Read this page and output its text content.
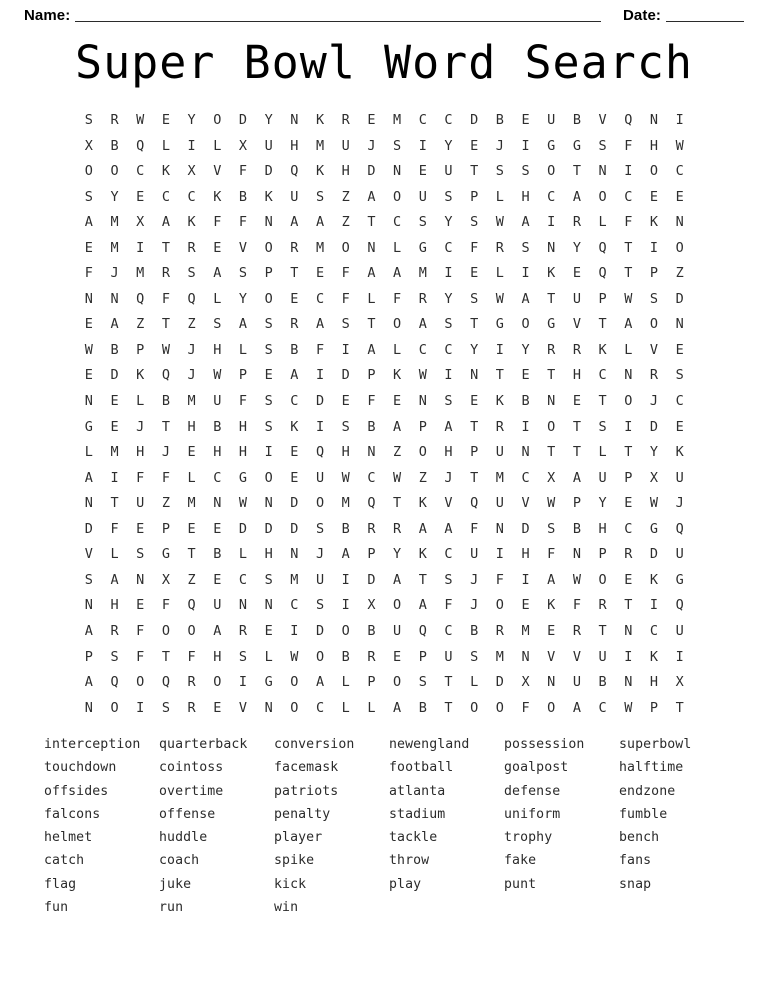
Name:	Date:
Super Bowl Word Search
S	R	W	E	Y	O	D	Y	N	K	R	E	M	C	C	D	B	E	U	B	V	Q	N	I
X	B	Q	L	I	L	X	U	H	M	U	J	S	I	Y	E	J	I	G	G	S	F	H	W
O	O	C	K	X	V	F	D	Q	K	H	D	N	E	U	T	S	S	O	T	N	I	O	C
S	Y	E	C	C	K	B	K	U	S	Z	A	O	U	S	P	L	H	C	A	O	C	E	E
A	M	X	A	K	F	F	N	A	A	Z	T	C	S	Y	S	W	A	I	R	L	F	K	N
E	M	I	T	R	E	V	O	R	M	O	N	L	G	C	F	R	S	N	Y	Q	T	I	O
F	J	M	R	S	A	S	P	T	E	F	A	A	M	I	E	L	I	K	E	Q	T	P	Z
N	N	Q	F	Q	L	Y	O	E	C	F	L	F	R	Y	S	W	A	T	U	P	W	S	D
E	A	Z	T	Z	S	A	S	R	A	S	T	O	A	S	T	G	O	G	V	T	A	O	N
W	B	P	W	J	H	L	S	B	F	I	A	L	C	C	Y	I	Y	R	R	K	L	V	E
E	D	K	Q	J	W	P	E	A	I	D	P	K	W	I	N	T	E	T	H	C	N	R	S
N	E	L	B	M	U	F	S	C	D	E	F	E	N	S	E	K	B	N	E	T	O	J	C
G	E	J	T	H	B	H	S	K	I	S	B	A	P	A	T	R	I	O	T	S	I	D	E
L	M	H	J	E	H	H	I	E	Q	H	N	Z	O	H	P	U	N	T	T	L	T	Y	K
A	I	F	F	L	C	G	O	E	U	W	C	W	Z	J	T	M	C	X	A	U	P	X	U
N	T	U	Z	M	N	W	N	D	O	M	Q	T	K	V	Q	U	V	W	P	Y	E	W	J
D	F	E	P	E	E	D	D	D	S	B	R	R	A	A	F	N	D	S	B	H	C	G	Q
V	L	S	G	T	B	L	H	N	J	A	P	Y	K	C	U	I	H	F	N	P	R	D	U
S	A	N	X	Z	E	C	S	M	U	I	D	A	T	S	J	F	I	A	W	O	E	K	G
N	H	E	F	Q	U	N	N	C	S	I	X	O	A	F	J	O	E	K	F	R	T	I	Q
A	R	F	O	O	A	R	E	I	D	O	B	U	Q	C	B	R	M	E	R	T	N	C	U
P	S	F	T	F	H	S	L	W	O	B	R	E	P	U	S	M	N	V	V	U	I	K	I
A	Q	O	Q	R	O	I	G	O	A	L	P	O	S	T	L	D	X	N	U	B	N	H	X
N	O	I	S	R	E	V	N	O	C	L	L	A	B	T	O	O	F	O	A	C	W	P	T
interception
touchdown
offsides
falcons
helmet
catch
flag
fun
quarterback
cointoss
overtime
offense
huddle
coach
juke
run
conversion
facemask
patriots
penalty
player
spike
kick
win
newengland
football
atlanta
stadium
tackle
throw
play
possession
goalpost
defense
uniform
trophy
fake
punt
superbowl
halftime
endzone
fumble
bench
fans
snap
